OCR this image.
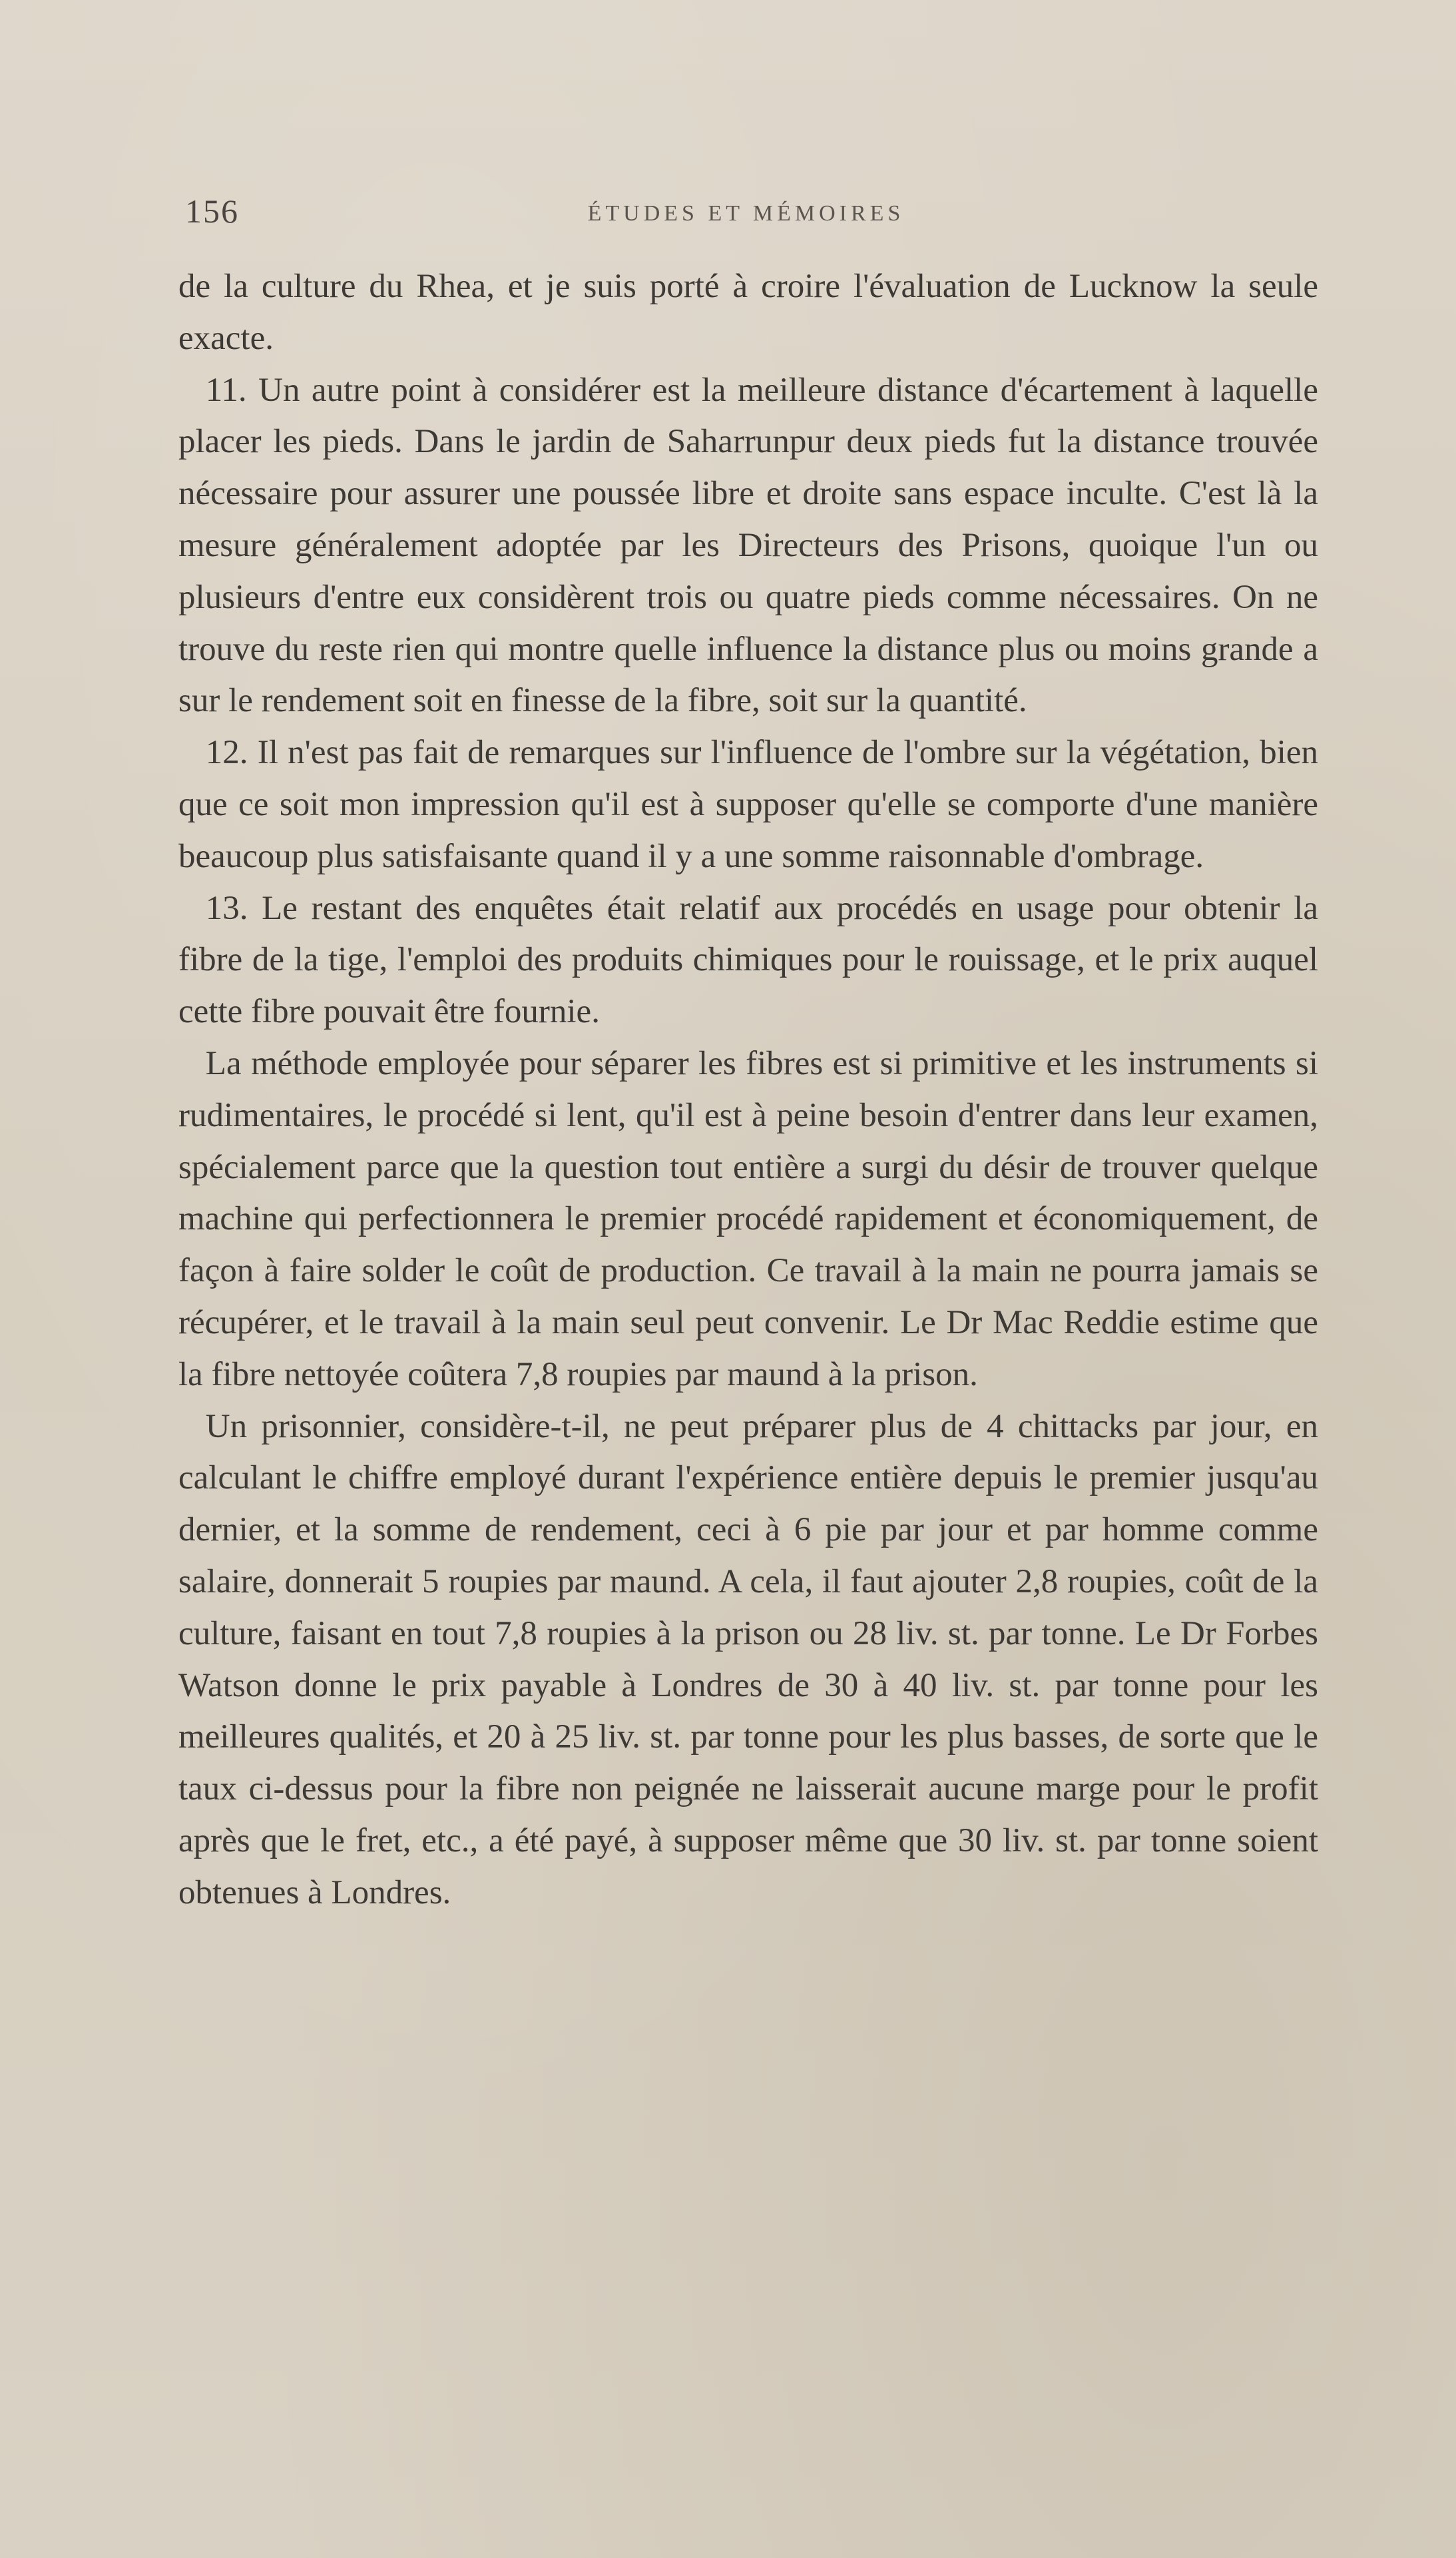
156	ÉTUDES ET MÉMOIRES

de la culture du Rhea, et je suis porté à croire l'évaluation de Lucknow la seule exacte.

11. Un autre point à considérer est la meilleure distance d'écartement à laquelle placer les pieds. Dans le jardin de Saharrunpur deux pieds fut la distance trouvée nécessaire pour assurer une poussée libre et droite sans espace inculte. C'est là la mesure généralement adoptée par les Directeurs des Prisons, quoique l'un ou plusieurs d'entre eux considèrent trois ou quatre pieds comme nécessaires. On ne trouve du reste rien qui montre quelle influence la distance plus ou moins grande a sur le rendement soit en finesse de la fibre, soit sur la quantité.

12. Il n'est pas fait de remarques sur l'influence de l'ombre sur la végétation, bien que ce soit mon impression qu'il est à supposer qu'elle se comporte d'une manière beaucoup plus satisfaisante quand il y a une somme raisonnable d'ombrage.

13. Le restant des enquêtes était relatif aux procédés en usage pour obtenir la fibre de la tige, l'emploi des produits chimiques pour le rouissage, et le prix auquel cette fibre pouvait être fournie.

La méthode employée pour séparer les fibres est si primitive et les instruments si rudimentaires, le procédé si lent, qu'il est à peine besoin d'entrer dans leur examen, spécialement parce que la question tout entière a surgi du désir de trouver quelque machine qui perfectionnera le premier procédé rapidement et économiquement, de façon à faire solder le coût de production. Ce travail à la main ne pourra jamais se récupérer, et le travail à la main seul peut convenir. Le Dr Mac Reddie estime que la fibre nettoyée coûtera 7,8 roupies par maund à la prison.

Un prisonnier, considère-t-il, ne peut préparer plus de 4 chittacks par jour, en calculant le chiffre employé durant l'expérience entière depuis le premier jusqu'au dernier, et la somme de rendement, ceci à 6 pie par jour et par homme comme salaire, donnerait 5 roupies par maund. A cela, il faut ajouter 2,8 roupies, coût de la culture, faisant en tout 7,8 roupies à la prison ou 28 liv. st. par tonne. Le Dr Forbes Watson donne le prix payable à Londres de 30 à 40 liv. st. par tonne pour les meilleures qualités, et 20 à 25 liv. st. par tonne pour les plus basses, de sorte que le taux ci-dessus pour la fibre non peignée ne laisserait aucune marge pour le profit après que le fret, etc., a été payé, à supposer même que 30 liv. st. par tonne soient obtenues à Londres.
